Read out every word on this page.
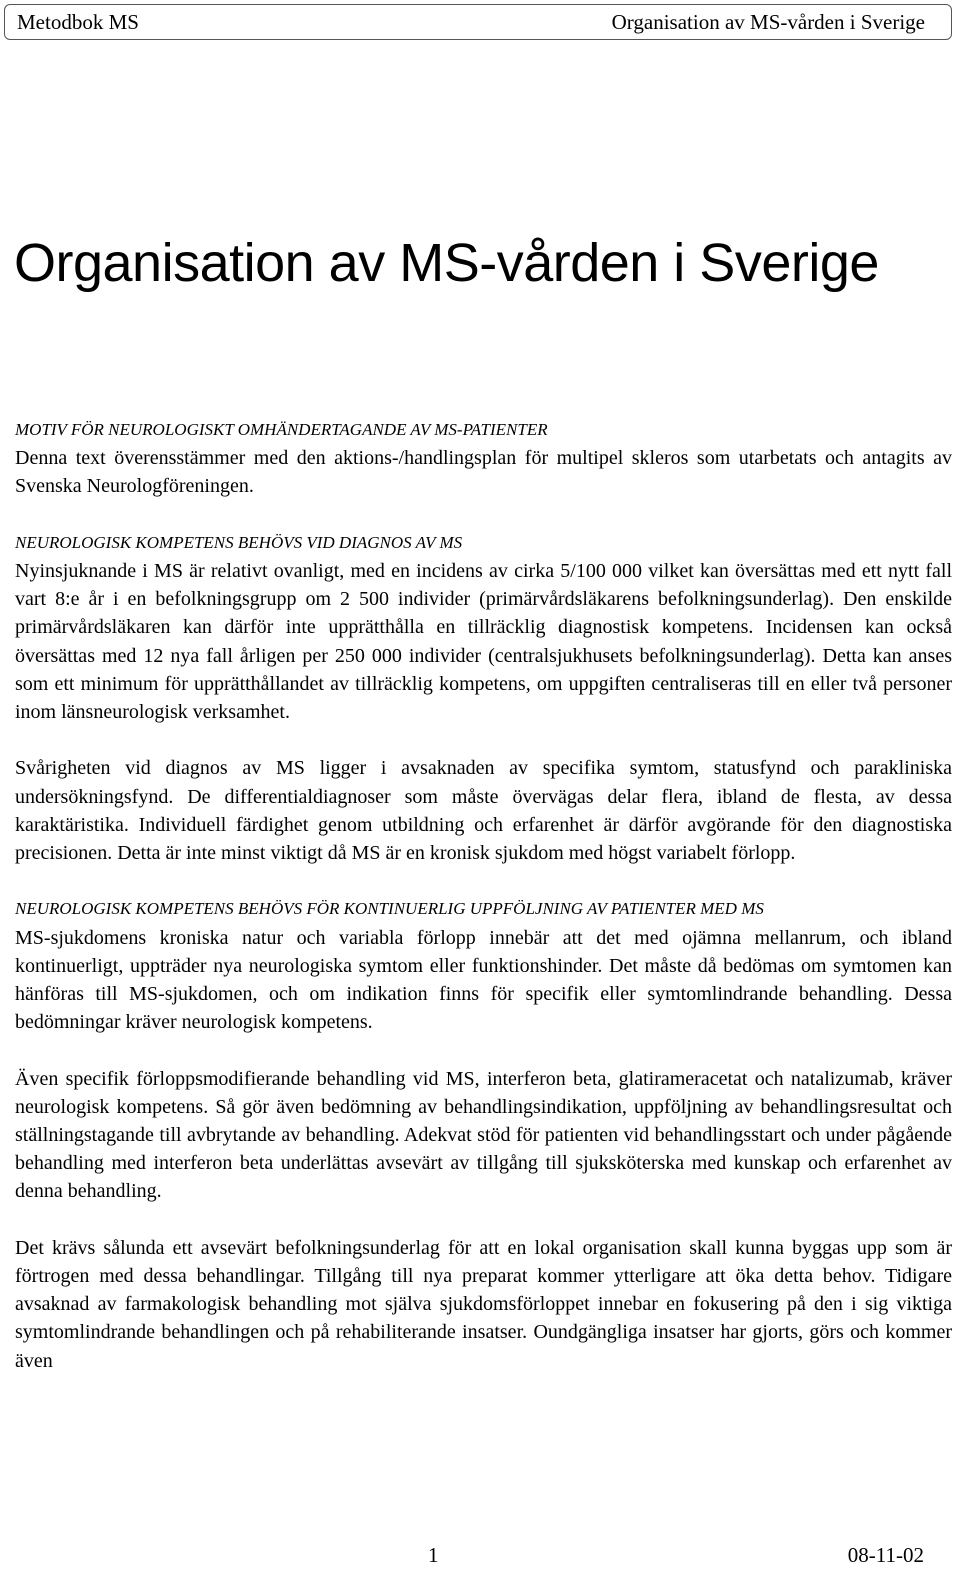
Metodbok MS	Organisation av MS-vården i Sverige
Organisation av MS-vården i Sverige

MOTIV FÖR NEUROLOGISKT OMHÄNDERTAGANDE AV MS-PATIENTER

Denna text överensstämmer med den aktions-/handlingsplan för multipel skleros som utarbetats och antagits av Svenska Neurologföreningen.

NEUROLOGISK KOMPETENS BEHÖVS VID DIAGNOS AV MS

Nyinsjuknande i MS är relativt ovanligt, med en incidens av cirka 5/100 000 vilket kan översättas med ett nytt fall vart 8:e år i en befolkningsgrupp om 2 500 individer (primärvårdsläkarens befolkningsunderlag). Den enskilde primärvårdsläkaren kan därför inte upprätthålla en tillräcklig diagnostisk kompetens. Incidensen kan också översättas med 12 nya fall årligen per 250 000 individer (centralsjukhusets befolkningsunderlag). Detta kan anses som ett minimum för upprätthållandet av tillräcklig kompetens, om uppgiften centraliseras till en eller två personer inom länsneurologisk verksamhet.

Svårigheten vid diagnos av MS ligger i avsaknaden av specifika symtom, statusfynd och parakliniska undersökningsfynd. De differentialdiagnoser som måste övervägas delar flera, ibland de flesta, av dessa karaktäristika. Individuell färdighet genom utbildning och erfarenhet är därför avgörande för den diagnostiska precisionen. Detta är inte minst viktigt då MS är en kronisk sjukdom med högst variabelt förlopp.

NEUROLOGISK KOMPETENS BEHÖVS FÖR KONTINUERLIG UPPFÖLJNING AV PATIENTER MED MS

MS-sjukdomens kroniska natur och variabla förlopp innebär att det med ojämna mellanrum, och ibland kontinuerligt, uppträder nya neurologiska symtom eller funktionshinder. Det måste då bedömas om symtomen kan hänföras till MS-sjukdomen, och om indikation finns för specifik eller symtomlindrande behandling. Dessa bedömningar kräver neurologisk kompetens.

Även specifik förloppsmodifierande behandling vid MS, interferon beta, glatirameracetat och natalizumab, kräver neurologisk kompetens. Så gör även bedömning av behandlingsindikation, uppföljning av behandlingsresultat och ställningstagande till avbrytande av behandling. Adekvat stöd för patienten vid behandlingsstart och under pågående behandling med interferon beta underlättas avsevärt av tillgång till sjuksköterska med kunskap och erfarenhet av denna behandling.

Det krävs sålunda ett avsevärt befolkningsunderlag för att en lokal organisation skall kunna byggas upp som är förtrogen med dessa behandlingar. Tillgång till nya preparat kommer ytterligare att öka detta behov. Tidigare avsaknad av farmakologisk behandling mot själva sjukdomsförloppet innebar en fokusering på den i sig viktiga symtomlindrande behandlingen och på rehabiliterande insatser. Oundgängliga insatser har gjorts, görs och kommer även

1	08-11-02
